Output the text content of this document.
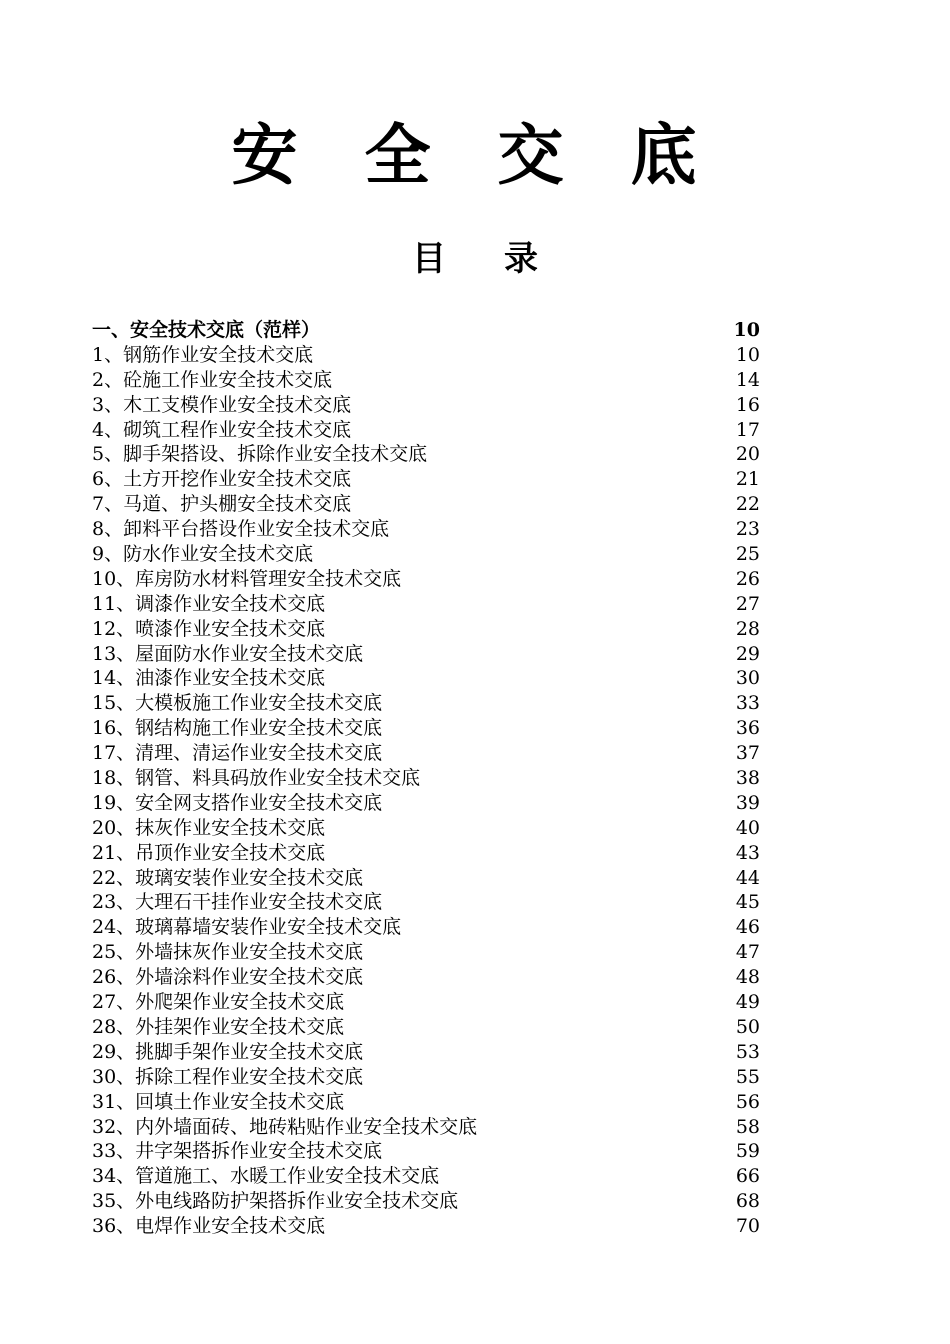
安 全 交 底
目录
一、安全技术交底（范样）	10
1、钢筋作业安全技术交底	10
2、砼施工作业安全技术交底	14
3、木工支模作业安全技术交底	16
4、砌筑工程作业安全技术交底	17
5、脚手架搭设、拆除作业安全技术交底	20
6、土方开挖作业安全技术交底	21
7、马道、护头棚安全技术交底	22
8、卸料平台搭设作业安全技术交底	23
9、防水作业安全技术交底	25
10、库房防水材料管理安全技术交底	26
11、调漆作业安全技术交底	27
12、喷漆作业安全技术交底	28
13、屋面防水作业安全技术交底	29
14、油漆作业安全技术交底	30
15、大模板施工作业安全技术交底	33
16、钢结构施工作业安全技术交底	36
17、清理、清运作业安全技术交底	37
18、钢管、料具码放作业安全技术交底	38
19、安全网支搭作业安全技术交底	39
20、抹灰作业安全技术交底	40
21、吊顶作业安全技术交底	43
22、玻璃安装作业安全技术交底	44
23、大理石干挂作业安全技术交底	45
24、玻璃幕墙安装作业安全技术交底	46
25、外墙抹灰作业安全技术交底	47
26、外墙涂料作业安全技术交底	48
27、外爬架作业安全技术交底	49
28、外挂架作业安全技术交底	50
29、挑脚手架作业安全技术交底	53
30、拆除工程作业安全技术交底	55
31、回填土作业安全技术交底	56
32、内外墙面砖、地砖粘贴作业安全技术交底	58
33、井字架搭拆作业安全技术交底	59
34、管道施工、水暖工作业安全技术交底	66
35、外电线路防护架搭拆作业安全技术交底	68
36、电焊作业安全技术交底	70
